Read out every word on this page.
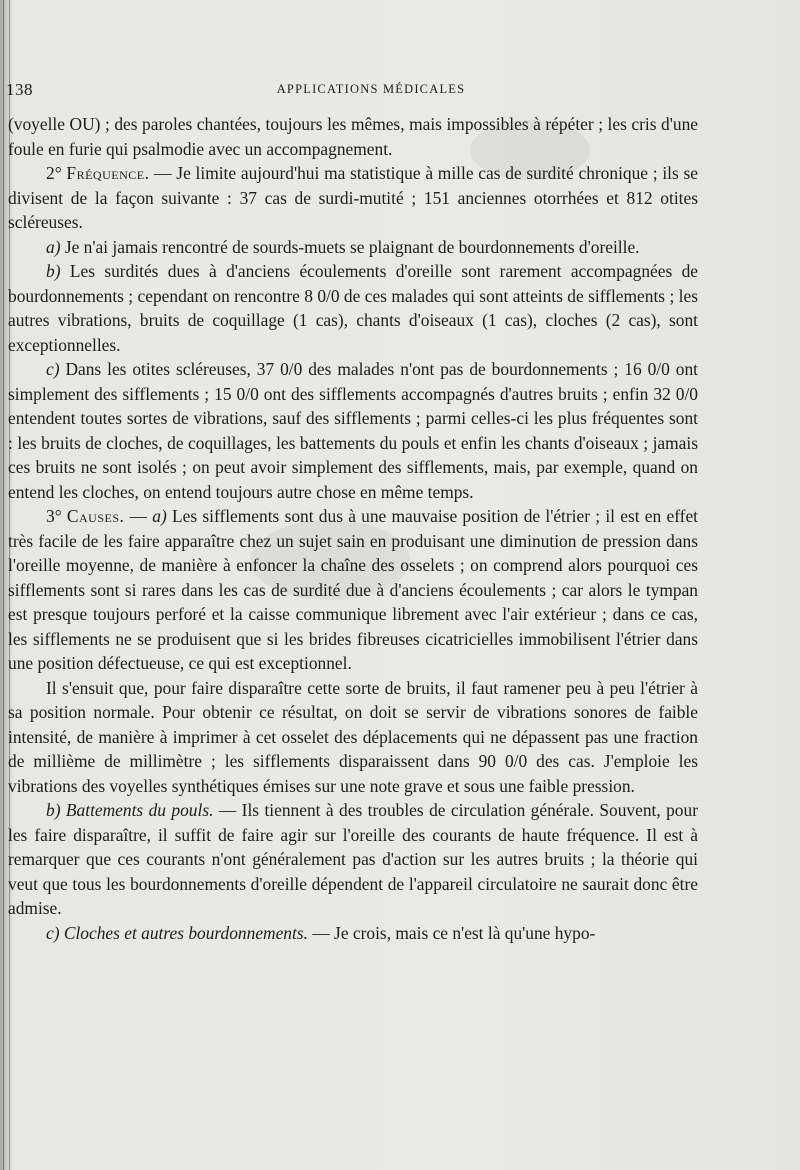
138	APPLICATIONS MÉDICALES

(voyelle OU) ; des paroles chantées, toujours les mêmes, mais impossibles à répéter ; les cris d'une foule en furie qui psalmodie avec un accompagnement.

2° Fréquence. — Je limite aujourd'hui ma statistique à mille cas de surdité chronique ; ils se divisent de la façon suivante : 37 cas de surdi-mutité ; 151 anciennes otorrhées et 812 otites scléreuses.

a) Je n'ai jamais rencontré de sourds-muets se plaignant de bourdonnements d'oreille.

b) Les surdités dues à d'anciens écoulements d'oreille sont rarement accompagnées de bourdonnements ; cependant on rencontre 8 0/0 de ces malades qui sont atteints de sifflements ; les autres vibrations, bruits de coquillage (1 cas), chants d'oiseaux (1 cas), cloches (2 cas), sont exceptionnelles.

c) Dans les otites scléreuses, 37 0/0 des malades n'ont pas de bourdonnements ; 16 0/0 ont simplement des sifflements ; 15 0/0 ont des sifflements accompagnés d'autres bruits ; enfin 32 0/0 entendent toutes sortes de vibrations, sauf des sifflements ; parmi celles-ci les plus fréquentes sont : les bruits de cloches, de coquillages, les battements du pouls et enfin les chants d'oiseaux ; jamais ces bruits ne sont isolés ; on peut avoir simplement des sifflements, mais, par exemple, quand on entend les cloches, on entend toujours autre chose en même temps.

3° Causes. — a) Les sifflements sont dus à une mauvaise position de l'étrier ; il est en effet très facile de les faire apparaître chez un sujet sain en produisant une diminution de pression dans l'oreille moyenne, de manière à enfoncer la chaîne des osselets ; on comprend alors pourquoi ces sifflements sont si rares dans les cas de surdité due à d'anciens écoulements ; car alors le tympan est presque toujours perforé et la caisse communique librement avec l'air extérieur ; dans ce cas, les sifflements ne se produisent que si les brides fibreuses cicatricielles immobilisent l'étrier dans une position défectueuse, ce qui est exceptionnel.

Il s'ensuit que, pour faire disparaître cette sorte de bruits, il faut ramener peu à peu l'étrier à sa position normale. Pour obtenir ce résultat, on doit se servir de vibrations sonores de faible intensité, de manière à imprimer à cet osselet des déplacements qui ne dépassent pas une fraction de millième de millimètre ; les sifflements disparaissent dans 90 0/0 des cas. J'emploie les vibrations des voyelles synthétiques émises sur une note grave et sous une faible pression.

b) Battements du pouls. — Ils tiennent à des troubles de circulation générale. Souvent, pour les faire disparaître, il suffit de faire agir sur l'oreille des courants de haute fréquence. Il est à remarquer que ces courants n'ont généralement pas d'action sur les autres bruits ; la théorie qui veut que tous les bourdonnements d'oreille dépendent de l'appareil circulatoire ne saurait donc être admise.

c) Cloches et autres bourdonnements. — Je crois, mais ce n'est là qu'une hypo-
